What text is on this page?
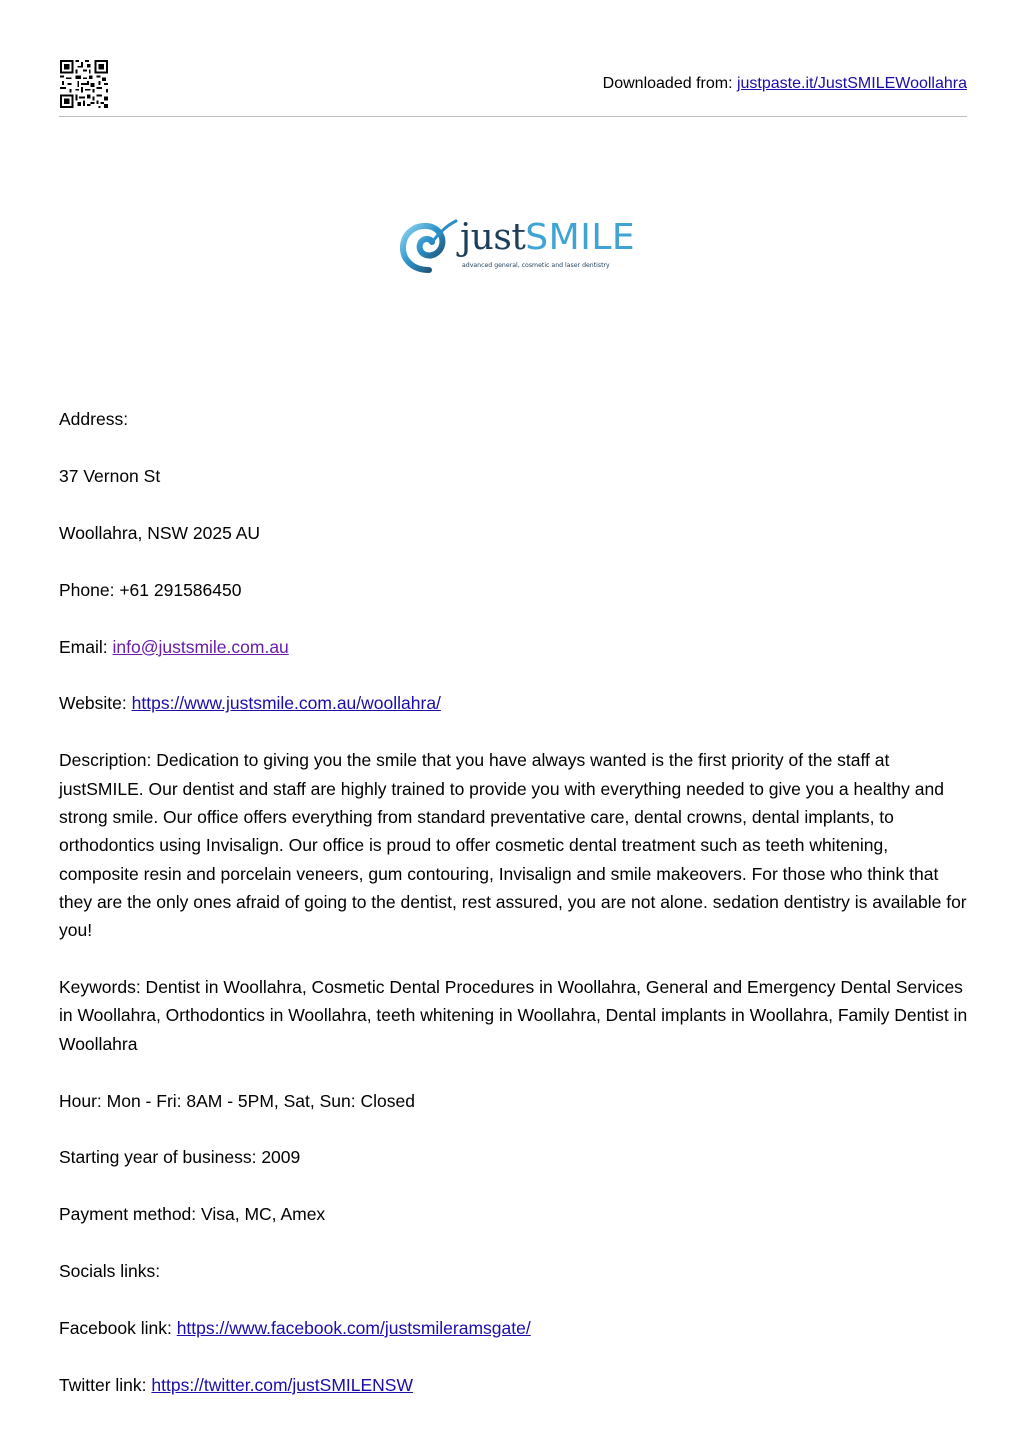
Downloaded from: justpaste.it/JustSMILEWoollahra
justSMILE
advanced general, cosmetic and laser dentistry

Address:

37 Vernon St

Woollahra, NSW 2025 AU

Phone: +61 291586450

Email: info@justsmile.com.au

Website: https://www.justsmile.com.au/woollahra/

Description: Dedication to giving you the smile that you have always wanted is the first priority of the staff at justSMILE. Our dentist and staff are highly trained to provide you with everything needed to give you a healthy and strong smile. Our office offers everything from standard preventative care, dental crowns, dental implants, to orthodontics using Invisalign. Our office is proud to offer cosmetic dental treatment such as teeth whitening, composite resin and porcelain veneers, gum contouring, Invisalign and smile makeovers. For those who think that they are the only ones afraid of going to the dentist, rest assured, you are not alone. sedation dentistry is available for you!

Keywords: Dentist in Woollahra, Cosmetic Dental Procedures in Woollahra, General and Emergency Dental Services in Woollahra, Orthodontics in Woollahra, teeth whitening in Woollahra, Dental implants in Woollahra, Family Dentist in Woollahra

Hour: Mon - Fri: 8AM - 5PM, Sat, Sun: Closed

Starting year of business: 2009

Payment method: Visa, MC, Amex

Socials links:

Facebook link: https://www.facebook.com/justsmileramsgate/

Twitter link: https://twitter.com/justSMILENSW
